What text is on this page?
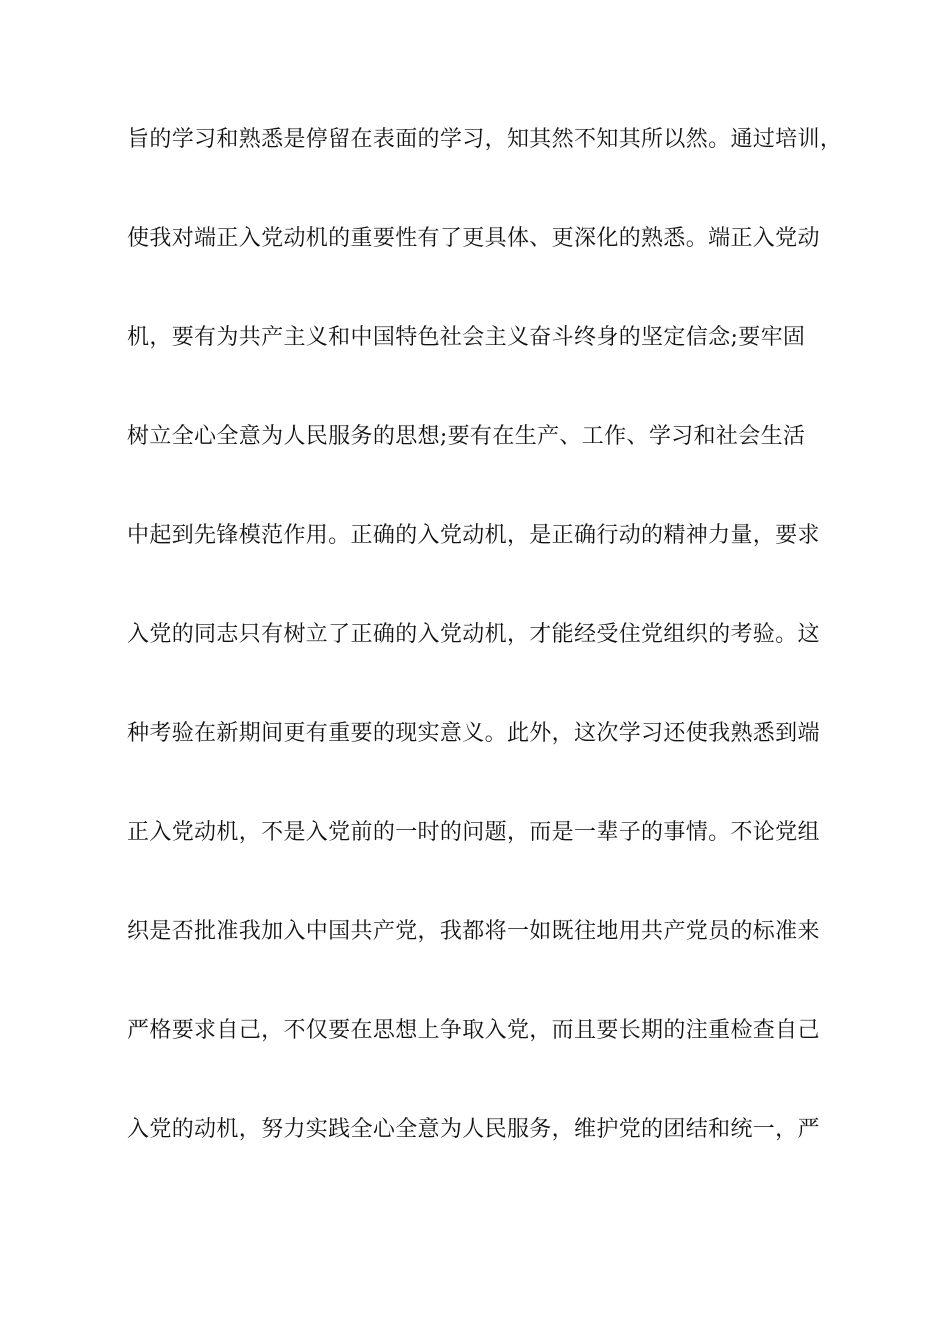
旨的学习和熟悉是停留在表面的学习，知其然不知其所以然。通过培训，
使我对端正入党动机的重要性有了更具体、更深化的熟悉。端正入党动
机，要有为共产主义和中国特色社会主义奋斗终身的坚定信念;要牢固
树立全心全意为人民服务的思想;要有在生产、工作、学习和社会生活
中起到先锋模范作用。正确的入党动机，是正确行动的精神力量，要求
入党的同志只有树立了正确的入党动机，才能经受住党组织的考验。这
种考验在新期间更有重要的现实意义。此外，这次学习还使我熟悉到端
正入党动机，不是入党前的一时的问题，而是一辈子的事情。不论党组
织是否批准我加入中国共产党，我都将一如既往地用共产党员的标准来
严格要求自己，不仅要在思想上争取入党，而且要长期的注重检查自己
入党的动机，努力实践全心全意为人民服务，维护党的团结和统一，严
